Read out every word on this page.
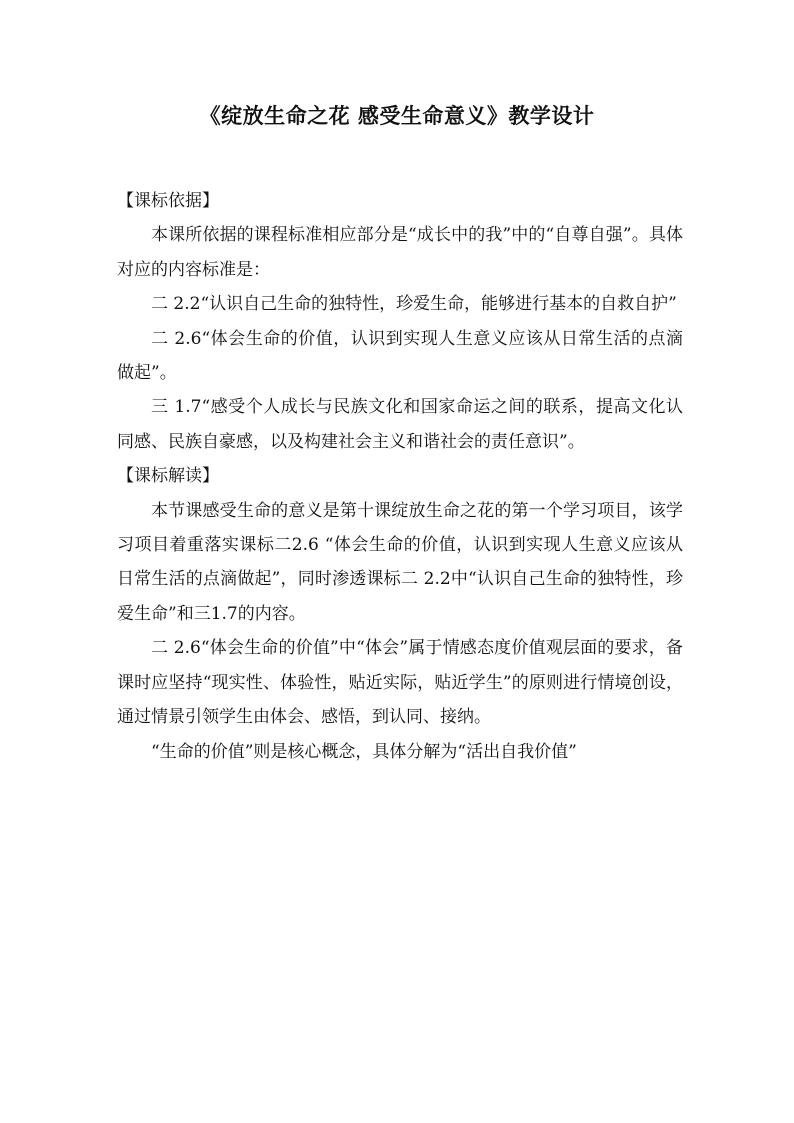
《绽放生命之花 感受生命意义》教学设计

【课标依据】

本课所依据的课程标准相应部分是“成长中的我”中的“自尊自强”。具体对应的内容标准是：

二 2.2“认识自己生命的独特性，珍爱生命，能够进行基本的自救自护”

二 2.6“体会生命的价值，认识到实现人生意义应该从日常生活的点滴做起”。

三 1.7“感受个人成长与民族文化和国家命运之间的联系，提高文化认同感、民族自豪感，以及构建社会主义和谐社会的责任意识”。

【课标解读】

本节课感受生命的意义是第十课绽放生命之花的第一个学习项目，该学习项目着重落实课标二2.6 “体会生命的价值，认识到实现人生意义应该从日常生活的点滴做起”，同时渗透课标二 2.2中“认识自己生命的独特性，珍爱生命”和三1.7的内容。

二 2.6“体会生命的价值”中“体会”属于情感态度价值观层面的要求，备课时应坚持“现实性、体验性，贴近实际，贴近学生”的原则进行情境创设，通过情景引领学生由体会、感悟，到认同、接纳。

“生命的价值”则是核心概念，具体分解为“活出自我价值”
